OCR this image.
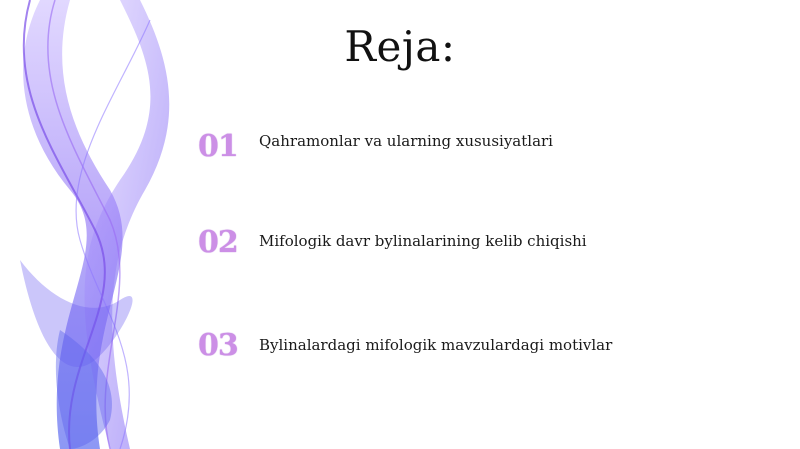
Reja:
01	Qahramonlar va ularning xususiyatlari
02	Mifologik davr bylinalarining kelib chiqishi
03	Bylinalardagi mifologik mavzulardagi motivlar
